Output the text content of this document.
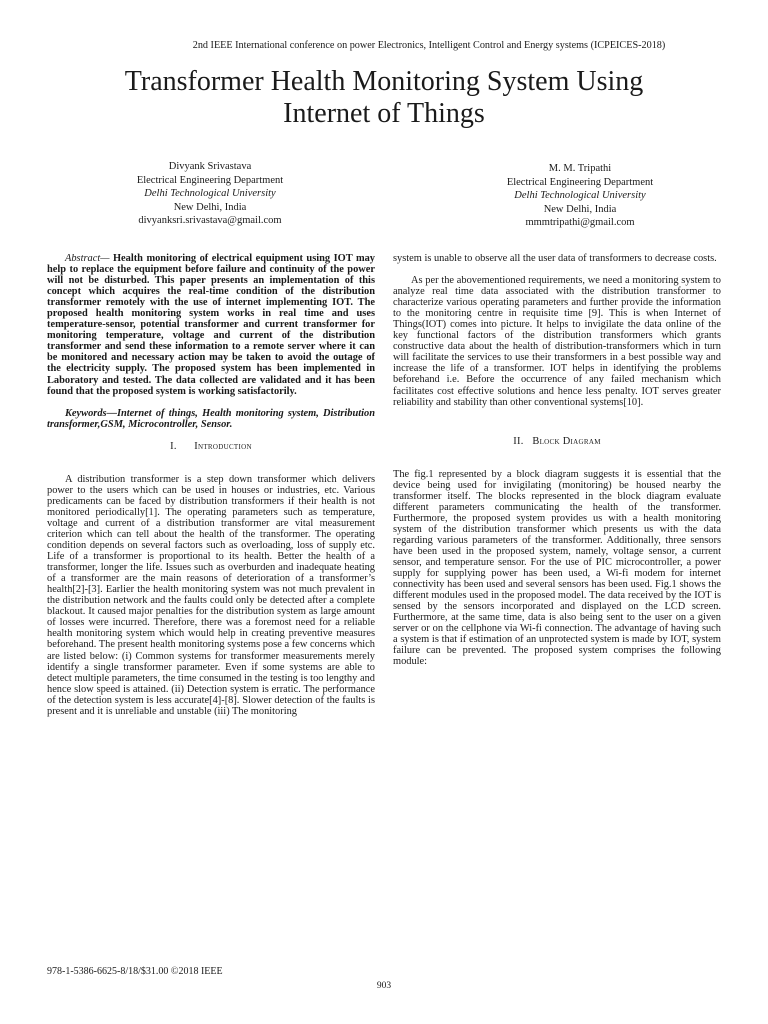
2nd IEEE International conference on power Electronics, Intelligent Control and Energy systems (ICPEICES-2018)
Transformer Health Monitoring System Using
Internet of Things
Divyank Srivastava
Electrical Engineering Department
Delhi Technological University
New Delhi, India
divyanksri.srivastava@gmail.com
M. M. Tripathi
Electrical Engineering Department
Delhi Technological University
New Delhi, India
mmmtripathi@gmail.com

Abstract— Health monitoring of electrical equipment using IOT may help to replace the equipment before failure and continuity of the power will not be disturbed. This paper presents an implementation of this concept which acquires the real-time condition of the distribution transformer remotely with the use of internet implementing IOT. The proposed health monitoring system works in real time and uses temperature-sensor, potential transformer and current transformer for monitoring temperature, voltage and current of the distribution transformer and send these information to a remote server where it can be monitored and necessary action may be taken to avoid the outage of the electricity supply. The proposed system has been implemented in Laboratory and tested. The data collected are validated and it has been found that the proposed system is working satisfactorily.

Keywords—Internet of things, Health monitoring system, Distribution transformer,GSM, Microcontroller, Sensor.

I. Introduction

A distribution transformer is a step down transformer which delivers power to the users which can be used in houses or industries, etc. Various predicaments can be faced by distribution transformers if their health is not monitored periodically[1]. The operating parameters such as temperature, voltage and current of a distribution transformer are vital measurement criterion which can tell about the health of the transformer. The operating condition depends on several factors such as overloading, loss of supply etc. Life of a transformer is proportional to its health. Better the health of a transformer, longer the life. Issues such as overburden and inadequate heating of a transformer are the main reasons of deterioration of a transformer’s health[2]-[3]. Earlier the health monitoring system was not much prevalent in the distribution network and the faults could only be detected after a complete blackout. It caused major penalties for the distribution system as large amount of losses were incurred. Therefore, there was a foremost need for a reliable health monitoring system which would help in creating preventive measures beforehand. The present health monitoring systems pose a few concerns which are listed below: (i) Common systems for transformer measurements merely identify a single transformer parameter. Even if some systems are able to detect multiple parameters, the time consumed in the testing is too lengthy and hence slow speed is attained. (ii) Detection system is erratic. The performance of the detection system is less accurate[4]-[8]. Slower detection of the faults is present and it is unreliable and unstable (iii) The monitoring

system is unable to observe all the user data of transformers to decrease costs.

As per the abovementioned requirements, we need a monitoring system to analyze real time data associated with the distribution transformer to characterize various operating parameters and further provide the information to the monitoring centre in requisite time [9]. This is when Internet of Things(IOT) comes into picture. It helps to invigilate the data online of the key functional factors of the distribution transformers which grants constructive data about the health of distribution-transformers which in turn will facilitate the services to use their transformers in a best possible way and increase the life of a transformer. IOT helps in identifying the problems beforehand i.e. Before the occurrence of any failed mechanism which facilitates cost effective solutions and hence less penalty. IOT serves greater reliability and stability than other conventional systems[10].

II. Block Diagram

The fig.1 represented by a block diagram suggests it is essential that the device being used for invigilating (monitoring) be housed nearby the transformer itself. The blocks represented in the block diagram evaluate different parameters communicating the health of the transformer. Furthermore, the proposed system provides us with a health monitoring system of the distribution transformer which presents us with the data regarding various parameters of the transformer. Additionally, three sensors have been used in the proposed system, namely, voltage sensor, a current sensor, and temperature sensor. For the use of PIC microcontroller, a power supply for supplying power has been used, a Wi-fi modem for internet connectivity has been used and several sensors has been used. Fig.1 shows the different modules used in the proposed model. The data received by the IOT is sensed by the sensors incorporated and displayed on the LCD screen. Furthermore, at the same time, data is also being sent to the user on a given server or on the cellphone via Wi-fi connection. The advantage of having such a system is that if estimation of an unprotected system is made by IOT, system failure can be prevented. The proposed system comprises the following module:

978-1-5386-6625-8/18/$31.00 ©2018 IEEE
903
